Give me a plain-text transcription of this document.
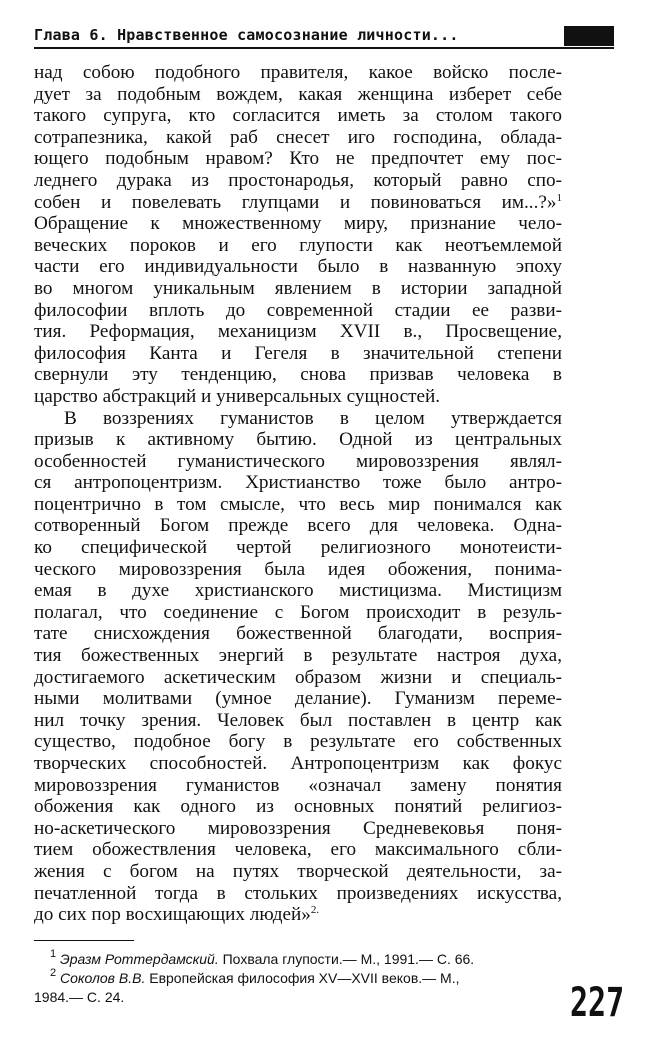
Глава 6. Нравственное самосознание личности...
над собою подобного правителя, какое войско после-
дует за подобным вождем, какая женщина изберет себе
такого супруга, кто согласится иметь за столом такого
сотрапезника, какой раб снесет иго господина, облада-
ющего подобным нравом? Кто не предпочтет ему пос-
леднего дурака из простонародья, который равно спо-
собен и повелевать глупцами и повиноваться им...?»$^1$
Обращение к множественному миру, признание чело-
веческих пороков и его глупости как неотъемлемой
части его индивидуальности было в названную эпоху
во многом уникальным явлением в истории западной
философии вплоть до современной стадии ее разви-
тия. Реформация, механицизм XVII в., Просвещение,
философия Канта и Гегеля в значительной степени
свернули эту тенденцию, снова призвав человека в
царство абстракций и универсальных сущностей.
В воззрениях гуманистов в целом утверждается
призыв к активному бытию. Одной из центральных
особенностей гуманистического мировоззрения являл-
ся антропоцентризм. Христианство тоже было антро-
поцентрично в том смысле, что весь мир понимался как
сотворенный Богом прежде всего для человека. Одна-
ко специфической чертой религиозного монотеисти-
ческого мировоззрения была идея обожения, понима-
емая в духе христианского мистицизма. Мистицизм
полагал, что соединение с Богом происходит в резуль-
тате снисхождения божественной благодати, восприя-
тия божественных энергий в результате настроя духа,
достигаемого аскетическим образом жизни и специаль-
ными молитвами (умное делание). Гуманизм переме-
нил точку зрения. Человек был поставлен в центр как
существо, подобное богу в результате его собственных
творческих способностей. Антропоцентризм как фокус
мировоззрения гуманистов «означал замену понятия
обожения как одного из основных понятий религиоз-
но-аскетического мировоззрения Средневековья поня-
тием обожествления человека, его максимального сбли-
жения с богом на путях творческой деятельности, за-
печатленной тогда в стольких произведениях искусства,
до сих пор восхищающих людей»$^{2.}$
$^1$ Эразм Роттердамский. Похвала глупости.— М., 1991.— С. 66.
$^2$ Соколов В.В. Европейская философия XV—XVII веков.— М.,
1984.— С. 24.	227
